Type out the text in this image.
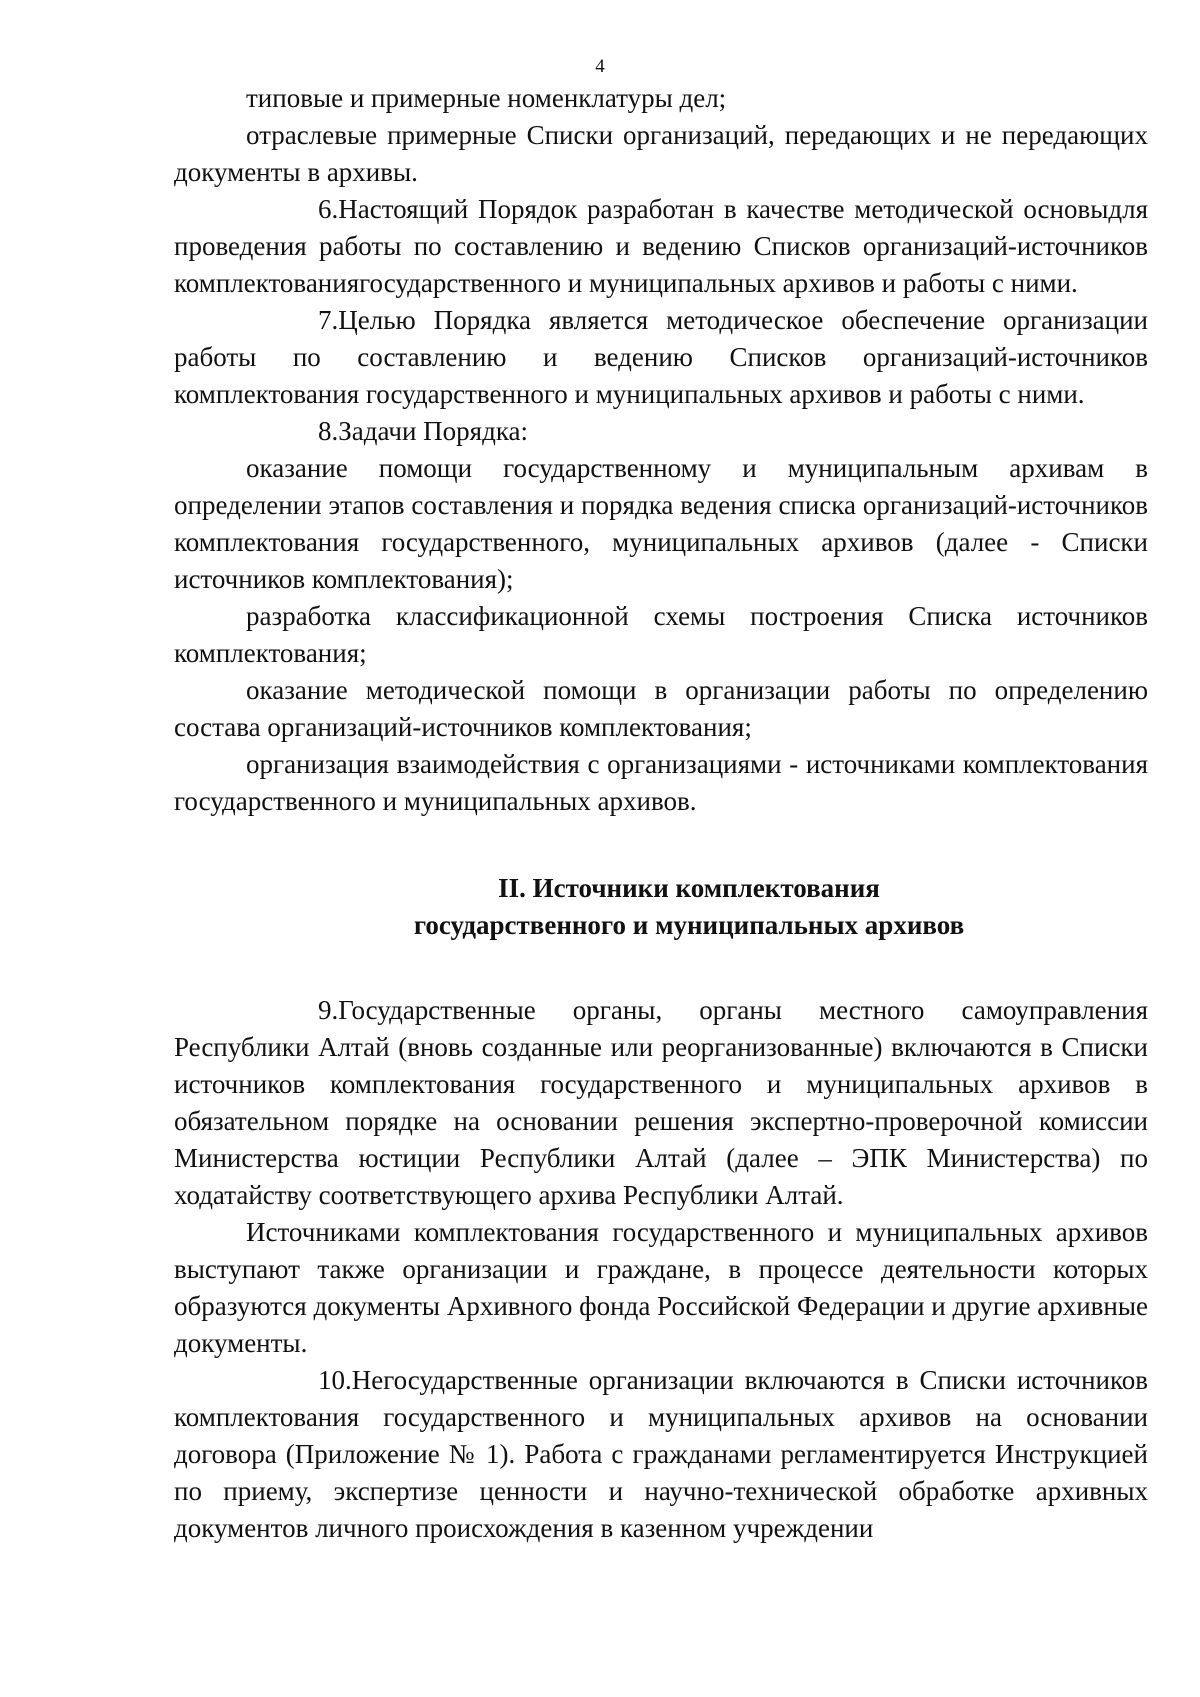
4

типовые и примерные номенклатуры дел;

отраслевые примерные Списки организаций, передающих и не передающих документы в архивы.

6.Настоящий Порядок разработан в качестве методической основыдля проведения работы по составлению и ведению Списков организаций-источников комплектованиягосударственного и муниципальных архивов и работы с ними.

7.Целью Порядка является методическое обеспечение организации работы по составлению и ведению Списков организаций-источников комплектования государственного и муниципальных архивов и работы с ними.

8.Задачи Порядка:

оказание помощи государственному и муниципальным архивам в определении этапов составления и порядка ведения списка организаций-источников комплектования государственного, муниципальных архивов (далее - Списки источников комплектования);

разработка классификационной схемы построения Списка источников комплектования;

оказание методической помощи в организации работы по определению состава организаций-источников комплектования;

организация взаимодействия с организациями - источниками комплектования государственного и муниципальных архивов.

II. Источники комплектования
государственного и муниципальных архивов

9.Государственные органы, органы местного самоуправления Республики Алтай (вновь созданные или реорганизованные) включаются в Списки источников комплектования государственного и муниципальных архивов в обязательном порядке на основании решения экспертно-проверочной комиссии Министерства юстиции Республики Алтай (далее – ЭПК Министерства) по ходатайству соответствующего архива Республики Алтай.

Источниками комплектования государственного и муниципальных архивов выступают также организации и граждане, в процессе деятельности которых образуются документы Архивного фонда Российской Федерации и другие архивные документы.

10.Негосударственные организации включаются в Списки источников комплектования государственного и муниципальных архивов на основании договора (Приложение № 1). Работа с гражданами регламентируется Инструкцией по приему, экспертизе ценности и научно-технической обработке архивных документов личного происхождения в казенном учреждении
